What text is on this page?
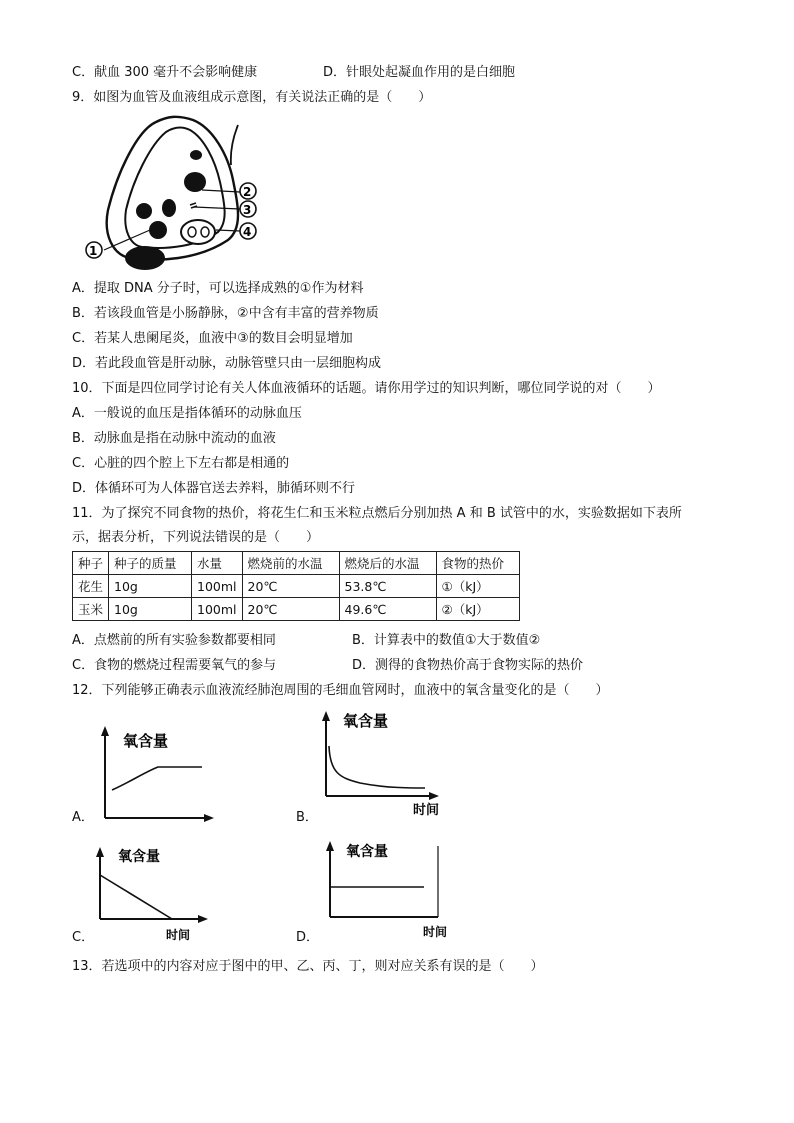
C．献血 300 毫升不会影响健康	D．针眼处起凝血作用的是白细胞
9．如图为血管及血液组成示意图，有关说法正确的是（　　）
2
3
4
1
A．提取 DNA 分子时，可以选择成熟的①作为材料
B．若该段血管是小肠静脉，②中含有丰富的营养物质
C．若某人患阑尾炎，血液中③的数目会明显增加
D．若此段血管是肝动脉，动脉管壁只由一层细胞构成
10．下面是四位同学讨论有关人体血液循环的话题。请你用学过的知识判断，哪位同学说的对（　　）
A．一般说的血压是指体循环的动脉血压
B．动脉血是指在动脉中流动的血液
C．心脏的四个腔上下左右都是相通的
D．体循环可为人体器官送去养料，肺循环则不行
11．为了探究不同食物的热价，将花生仁和玉米粒点燃后分别加热 A 和 B 试管中的水，实验数据如下表所
示，据表分析，下列说法错误的是（　　）
种子	种子的质量	水量	燃烧前的水温	燃烧后的水温	食物的热价
花生	10g	100ml	20℃	53.8℃	①（kJ）
玉米	10g	100ml	20℃	49.6℃	②（kJ）
A．点燃前的所有实验参数都要相同	B．计算表中的数值①大于数值②
C．食物的燃烧过程需要氧气的参与	D．测得的食物热价高于食物实际的热价
12．下列能够正确表示血液流经肺泡周围的毛细血管网时，血液中的氧含量变化的是（　　）
A．
氧含量
B．
氧含量
时间
C．
氧含量
时间	D．
氧含量
时间
13．若选项中的内容对应于图中的甲、乙、丙、丁，则对应关系有误的是（　　）
